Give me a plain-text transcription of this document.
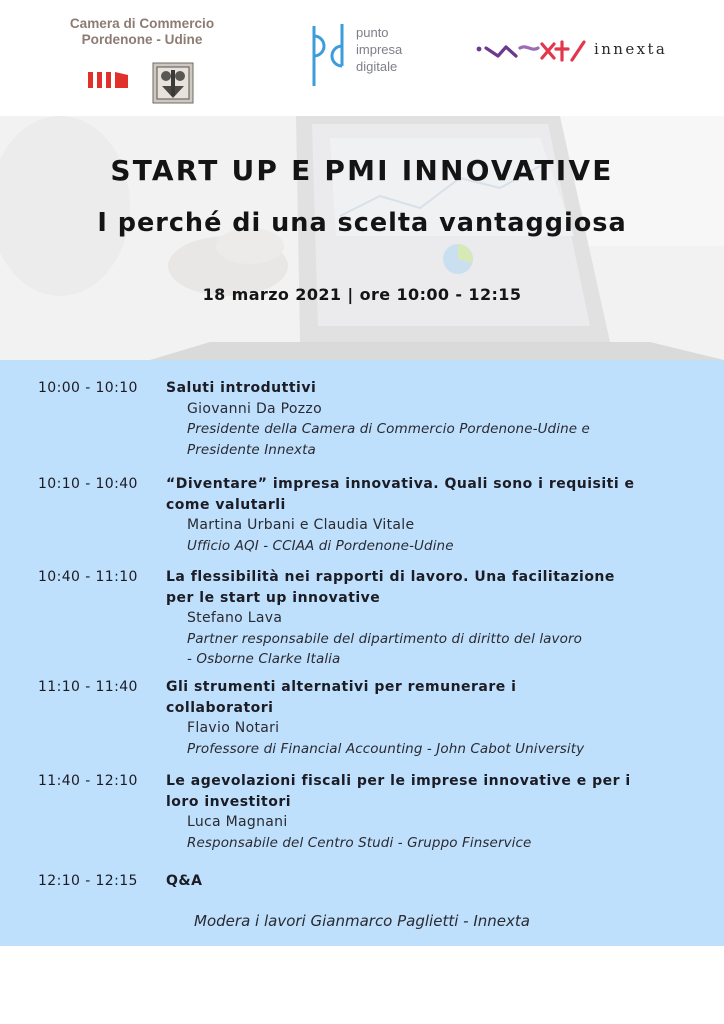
Camera di Commercio
Pordenone - Udine	punto
impresa
digitale
innexta
START UP E PMI INNOVATIVE
I perché di una scelta vantaggiosa
18 marzo 2021 | ore 10:00 - 12:15
10:00 - 10:10 Saluti introduttivi
Giovanni Da Pozzo
Presidente della Camera di Commercio Pordenone-Udine e
Presidente Innexta
10:10 - 10:40 “Diventare” impresa innovativa. Quali sono i requisiti e
come valutarli
Martina Urbani e Claudia Vitale
Ufficio AQI - CCIAA di Pordenone-Udine
10:40 - 11:10 La flessibilità nei rapporti di lavoro. Una facilitazione
per le start up innovative
Stefano Lava
Partner responsabile del dipartimento di diritto del lavoro
- Osborne Clarke Italia
11:10 - 11:40 Gli strumenti alternativi per remunerare i
collaboratori
Flavio Notari
Professore di Financial Accounting - John Cabot University
11:40 - 12:10 Le agevolazioni fiscali per le imprese innovative e per i
loro investitori
Luca Magnani
Responsabile del Centro Studi - Gruppo Finservice
12:10 - 12:15 Q&A
Modera i lavori Gianmarco Paglietti - Innexta
